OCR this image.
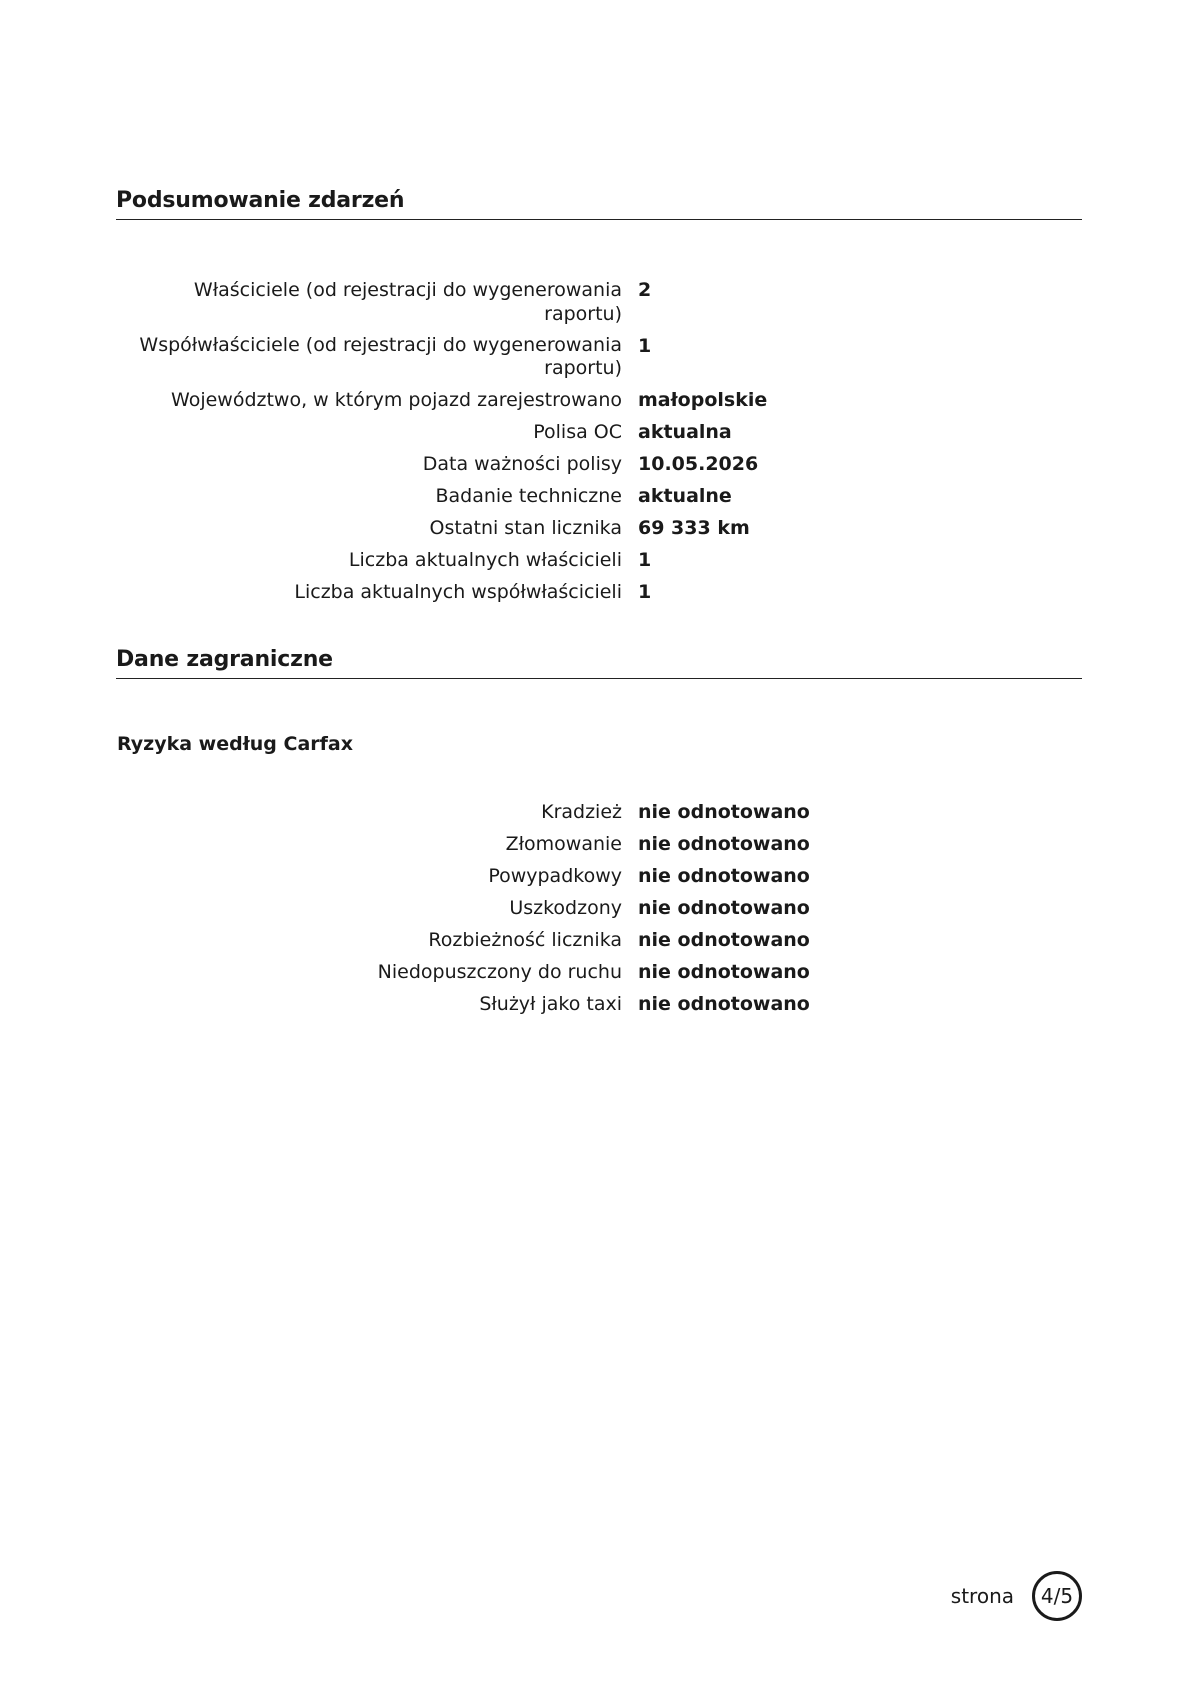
Podsumowanie zdarzeń
Właściciele (od rejestracji do wygenerowania raportu)	2
Współwłaściciele (od rejestracji do wygenerowania
raportu)	1
Województwo, w którym pojazd zarejestrowano	małopolskie
Polisa OC	aktualna
Data ważności polisy	10.05.2026
Badanie techniczne	aktualne
Ostatni stan licznika	69 333 km
Liczba aktualnych właścicieli	1
Liczba aktualnych współwłaścicieli	1
Dane zagraniczne
Ryzyka według Carfax
Kradzież	nie odnotowano
Złomowanie	nie odnotowano
Powypadkowy	nie odnotowano
Uszkodzony	nie odnotowano
Rozbieżność licznika	nie odnotowano
Niedopuszczony do ruchu	nie odnotowano
Służył jako taxi	nie odnotowano
strona	4/5
